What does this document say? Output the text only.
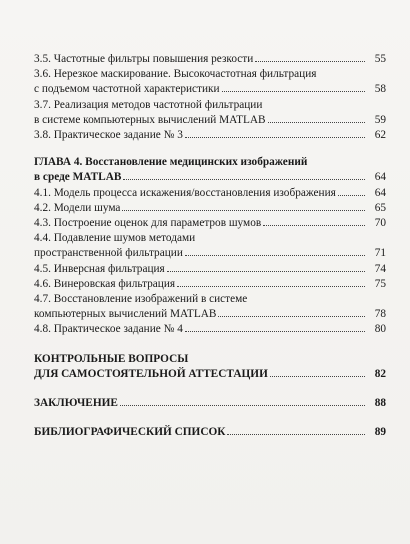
3.5. Частотные фильтры повышения резкости	55
3.6. Нерезкое маскирование. Высокочастотная фильтрация
с подъемом частотной характеристики	58
3.7. Реализация методов частотной фильтрации
в системе компьютерных вычислений MATLAB	59
3.8. Практическое задание № 3	62
ГЛАВА 4. Восстановление медицинских изображений
в среде MATLAB	64
4.1. Модель процесса искажения/восстановления изображения	64
4.2. Модели шума	65
4.3. Построение оценок для параметров шумов	70
4.4. Подавление шумов методами
пространственной фильтрации	71
4.5. Инверсная фильтрация	74
4.6. Винеровская фильтрация	75
4.7. Восстановление изображений в системе
компьютерных вычислений MATLAB	78
4.8. Практическое задание № 4	80
КОНТРОЛЬНЫЕ ВОПРОСЫ
ДЛЯ САМОСТОЯТЕЛЬНОЙ АТТЕСТАЦИИ	82
ЗАКЛЮЧЕНИЕ	88
БИБЛИОГРАФИЧЕСКИЙ СПИСОК	89
